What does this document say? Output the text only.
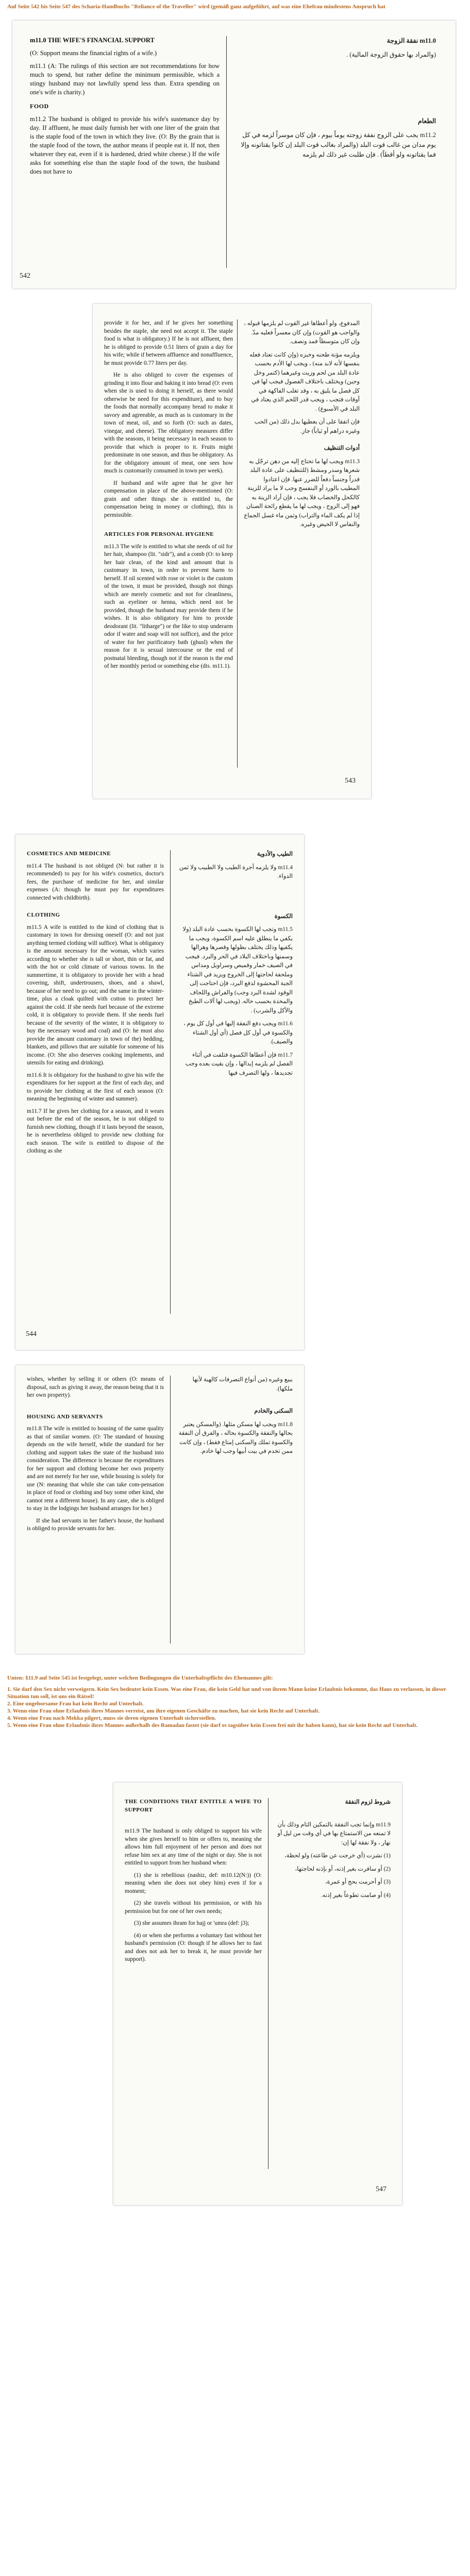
Auf Seite 542 bis Seite 547 des Scharia-Handbuchs "Reliance of the Traveller" wird (gemäß ganz aufgeführt, auf was eine Ehefrau mindestens Anspruch hat

m11.0 THE WIFE'S FINANCIAL SUPPORT

(O: Support means the financial rights of a wife.)

m11.1 (A: The rulings of this section are not recommendations for how much to spend, but rather define the minimum permissible, which a stingy husband may not lawfully spend less than. Extra spending on one's wife is charity.)

FOOD

m11.2 The husband is obliged to provide his wife's sustenance day by day. If affluent, he must daily furnish her with one liter of the grain that is the staple food of the town in which they live. (O: By the grain that is the staple food of the town, the author means if people eat it. If not, then whatever they eat, even if it is hardened, dried white cheese.) If the wife asks for something else than the staple food of the town, the husband does not have to

m11.0 نفقة الزوجة

(والمراد بها حقوق الزوجة المالية) .

الطعام

m11.2 يجب على الزوج نفقة زوجته يوماً بيوم ، فإن كان موسراً لزمه في كل يوم مدان من غالب قوت البلد (والمراد بغالب قوت البلد إن كانوا يقتاتونه وإلا فما يقتاتونه ولو أقطاً) . فإن طلبت غير ذلك لم يلزمه

542

provide it for her, and if he gives her something besides the staple, she need not accept it. The staple food is what is obligatory.) If he is not affluent, then he is obliged to provide 0.51 liters of grain a day for his wife; while if between affluence and nonaffluence, he must provide 0.77 liters per day.

He is also obliged to cover the expenses of grinding it into flour and baking it into bread (O: even when she is used to doing it herself, as there would otherwise be need for this expenditure), and to buy the foods that normally accompany bread to make it savory and agreeable, as much as is customary in the town of meat, oil, and so forth (O: such as dates, vinegar, and cheese). The obligatory measures differ with the seasons, it being necessary in each season to provide that which is proper to it. Fruits might predominate in one season, and thus be obligatory. As for the obligatory amount of meat, one sees how much is customarily consumed in town per week).

If husband and wife agree that he give her compensation in place of the above-mentioned (O: grain and other things she is entitled to, the compensation being in money or clothing), this is permissible.

ARTICLES FOR PERSONAL HYGIENE

m11.3 The wife is entitled to what she needs of oil for her hair, shampoo (lit. "sidr"), and a comb (O: to keep her hair clean, of the kind and amount that is customary in town, in order to prevent harm to herself. If oil scented with rose or violet is the custom of the town, it must be provided, though not things which are merely cosmetic and not for cleanliness, such as eyeliner or henna, which need not be provided, though the husband may provide them if he wishes. It is also obligatory for him to provide deodorant (lit. "litharge") or the like to stop underarm odor if water and soap will not suffice), and the price of water for her purificatory bath (ghusl) when the reason for it is sexual intercourse or the end of postnatal bleeding, though not if the reason is the end of her monthly period or something else (dis. m11.1).

المدفوع، ولو أعطاها غير القوت لم يلزمها قبوله ، والواجب هو القوت) وإن كان معسراً فعليه مدّ. وإن كان متوسطاً فمد ونصف.

ويلزمه مؤنة طحنه وخبزه (وإن كانت تعتاد فعله بنفسها لأنه لابد منه) ، ويجب لها الأدم بحسب عادة البلد من لحم وزيت وغيرهما (كتمر وخل وجبن) ويختلف باختلاف الفصول فيجب لها في كل فصل ما يليق به ، وقد تغلب الفاكهة في أوقات فتجب ، ويجب قدر اللحم الذي يعتاد في البلد في الأسبوع) .

فإن اتفقا على أن يعطيها بدل ذلك (من الحب وغيره دراهم أو ثياباً) جاز.

أدوات التنظيف

m11.3 ويجب لها ما تحتاج إليه من دهن ترجّل به شعرها وسدر ومشط (للتنظيف على عادة البلد قدراً وجنساً دفعاً للضرر عنها. فإن اعتادوا المطيب بالورد أو البنفسج وجب لا ما يراد للزينة كالكحل والخضاب فلا يجب ، فإن أراد الزينة به فهو إلى الزوج ، ويجب لها ما يقطع رائحة الصنان إذا لم يكف الماء والتراب) وثمن ماء غسل الجماع والنفاس لا الحيض وغيره.

543
COSMETICS AND MEDICINE

m11.4 The husband is not obliged (N: but rather it is recommended) to pay for his wife's cosmetics, doctor's fees, the purchase of medicine for her, and similar expenses (A: though he must pay for expenditures connected with childbirth).

CLOTHING

m11.5 A wife is entitled to the kind of clothing that is customary in town for dressing oneself (O: and not just anything termed clothing will suffice). What is obligatory is the amount necessary for the woman, which varies according to whether she is tall or short, thin or fat, and with the hot or cold climate of various towns. In the summertime, it is obligatory to provide her with a head covering, shift, undertrousers, shoes, and a shawl, because of her need to go out; and the same in the winter-time, plus a cloak quilted with cotton to protect her against the cold. If she needs fuel because of the extreme cold, it is obligatory to provide them. If she needs fuel because of the severity of the winter, it is obligatory to buy the necessary wood and coal) and (O: he must also provide the amount customary in town of the) bedding, blankets, and pillows that are suitable for someone of his income. (O: She also deserves cooking implements, and utensils for eating and drinking).

m11.6 It is obligatory for the husband to give his wife the expenditures for her support at the first of each day, and to provide her clothing at the first of each season (O: meaning the beginning of winter and summer).

m11.7 If he gives her clothing for a season, and it wears out before the end of the season, he is not obliged to furnish new clothing, though if it lasts beyond the season, he is nevertheless obliged to provide new clothing for each season. The wife is entitled to dispose of the clothing as she

الطيب والأدوية

m11.4 ولا يلزمه أجرة الطيب ولا الطبيب ولا ثمن الدواء.

الكسوة

m11.5 وتجب لها الكسوة بحسب عادة البلد (ولا يكفي ما ينطلق عليه اسم الكسوة، ويجب ما يكفيها وذلك يختلف بطولها وقصرها وهزالها وسمنها وباختلاف البلاد في الحر والبرد. فيجب في الصيف خمار وقميص وسراويل ومداس وملحفة لحاجتها إلى الخروج ويزيد في الشتاء الجبة المحشوة لدفع البرد، فإن احتاجت إلى الوقود لشدة البرد وجب) والفراش واللحاف والمخدة بحسب حاله. (ويجب لها آلات الطبخ والأكل والشرب) .

m11.6 ويجب دفع النفقة إليها في أول كل يوم ، والكسوة في أول كل فصل (أي أول الشتاء والصيف).

m11.7 فإن أعطاها الكسوة فتلفت في أثناء الفصل لم يلزمه إبدالها ، وإن بقيت بعده وجب تجديدها ، ولها التصرف فيها

544

wishes, whether by selling it or others (O: means of disposal, such as giving it away, the reason being that it is her own property).

HOUSING AND SERVANTS

m11.8 The wife is entitled to housing of the same quality as that of similar women. (O: The standard of housing depends on the wife herself, while the standard for her clothing and support takes the state of the husband into consideration. The difference is because the expenditures for her support and clothing become her own property and are not merely for her use, while housing is solely for use (N: meaning that while she can take com-pensation in place of food or clothing and buy some other kind, she cannot rent a different house). In any case, she is obliged to stay in the lodgings her husband arranges for her.)

If she had servants in her father's house, the husband is obliged to provide servants for her.

ببيع وغيره (من أنواع التصرفات كالهبة لأنها ملكها).

السكنى والخادم

m11.8 ويجب لها مسكن مثلها. (والمسكن يعتبر بحالها والنفقة والكسوة بحاله ، والفرق أن النفقة والكسوة تملك والسكنى إمتاع فقط) ، وإن كانت ممن تخدم في بيت أبيها وجب لها خادم.

Unten: §11.9 auf Seite 545 ist festgelegt, unter welchen Bedingungen die Unterhaltspflicht des Ehemannes gilt:
1. Sie darf den Sex nicht verweigern. Kein Sex bedeutet kein Essen. Was eine Frau, die kein Geld hat und von ihrem Mann keine Erlaubnis bekommt, das Haus zu verlassen, in dieser Situation tun soll, ist uns ein Rätsel!
2. Eine ungehorsame Frau hat kein Recht auf Unterhalt.
3. Wenn eine Frau ohne Erlaubnis ihres Mannes verreist, um ihre eigenen Geschäfte zu machen, hat sie kein Recht auf Unterhalt.
4. Wenn eine Frau nach Mekka pilgert, muss sie deren eigenen Unterhalt sicherstellen.
5. Wenn eine Frau ohne Erlaubnis ihres Mannes außerhalb des Ramadan fastet (sie darf es tagsüber kein Essen frei mit ihr haben kann), hat sie kein Recht auf Unterhalt.
THE CONDITIONS THAT ENTITLE A WIFE TO SUPPORT

m11.9 The husband is only obliged to support his wife when she gives herself to him or offers to, meaning she allows him full enjoyment of her person and does not refuse him sex at any time of the night or day. She is not entitled to support from her husband when:

(1) she is rebellious (nashiz, def: m10.12(N:)) (O: meaning when she does not obey him) even if for a moment;

(2) she travels without his permission, or with his permission but for one of her own needs;

(3) she assumes ihram for hajj or 'umra (def: j3);

(4) or when she performs a voluntary fast without her husband's permission (O: though if he allows her to fast and does not ask her to break it, he must provide her support).

شروط لزوم النفقة

m11.9 وإنما تجب النفقة بالتمكين التام وذلك بأن لا تمنعه من الاستمتاع بها في أي وقت من ليل أو نهار ، ولا نفقة لها إن:

(1) نشزت (أي خرجت عن طاعته) ولو لحظة،

(2) أو سافرت بغير إذنه، أو بإذنه لحاجتها،

(3) أو أحرمت بحج أو عمرة،

(4) أو صامت تطوعاً بغير إذنه.

547
